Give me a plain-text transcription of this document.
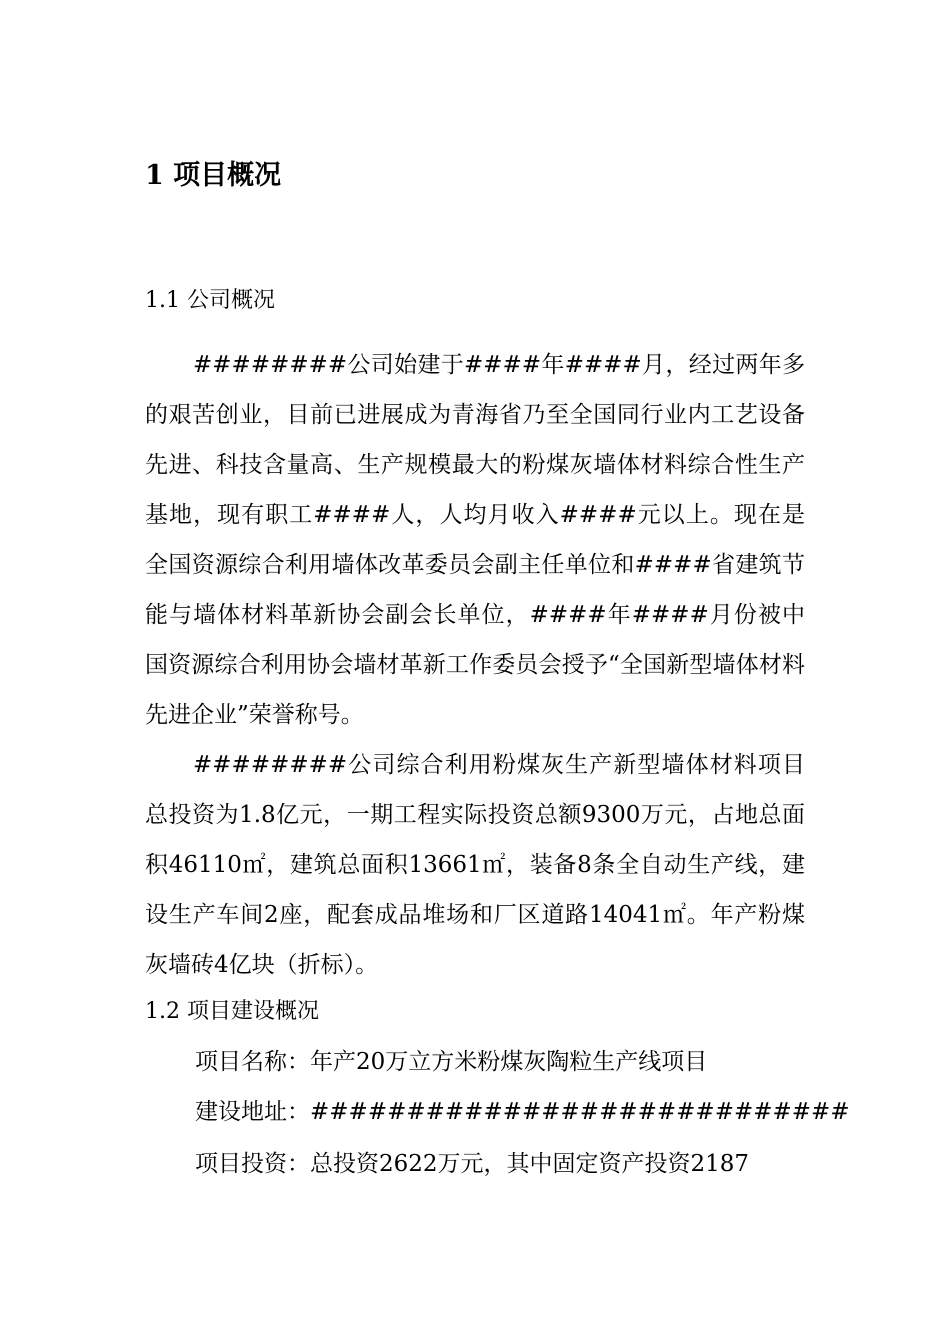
1 项目概况
1.1 公司概况
########公司始建于####年####月，经过两年多的艰苦创业，目前已进展成为青海省乃至全国同行业内工艺设备先进、科技含量高、生产规模最大的粉煤灰墙体材料综合性生产基地，现有职工####人，人均月收入####元以上。现在是全国资源综合利用墙体改革委员会副主任单位和####省建筑节能与墙体材料革新协会副会长单位，####年####月份被中国资源综合利用协会墙材革新工作委员会授予“全国新型墙体材料先进企业”荣誉称号。
########公司综合利用粉煤灰生产新型墙体材料项目总投资为1.8亿元，一期工程实际投资总额9300万元，占地总面积46110㎡，建筑总面积13661㎡，装备8条全自动生产线，建设生产车间2座，配套成品堆场和厂区道路14041㎡。年产粉煤灰墙砖4亿块（折标）。
1.2 项目建设概况
项目名称：年产20万立方米粉煤灰陶粒生产线项目
建设地址：############################
项目投资：总投资2622万元，其中固定资产投资2187
